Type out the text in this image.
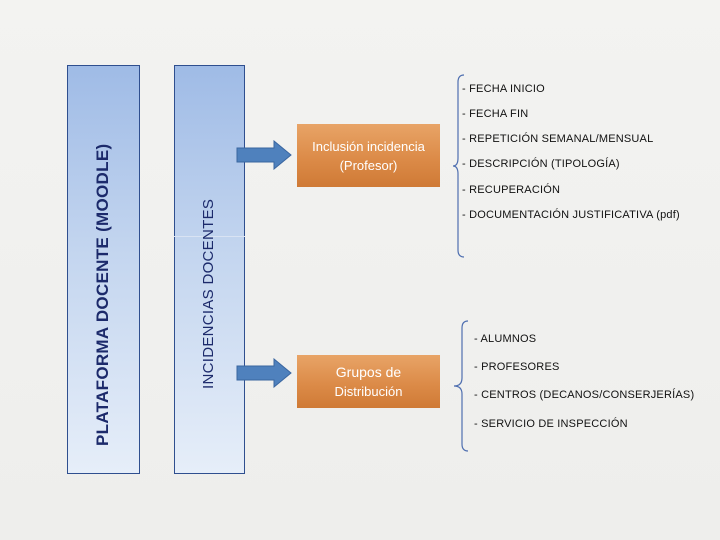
PLATAFORMA DOCENTE (MOODLE)	INCIDENCIAS DOCENTES
Inclusión incidencia
(Profesor)
Grupos de
Distribución
- FECHA INICIO
- FECHA FIN
- REPETICIÓN SEMANAL/MENSUAL
- DESCRIPCIÓN (TIPOLOGÍA)
- RECUPERACIÓN
- DOCUMENTACIÓN JUSTIFICATIVA (pdf)
- ALUMNOS
- PROFESORES
- CENTROS (DECANOS/CONSERJERÍAS)
- SERVICIO DE INSPECCIÓN
